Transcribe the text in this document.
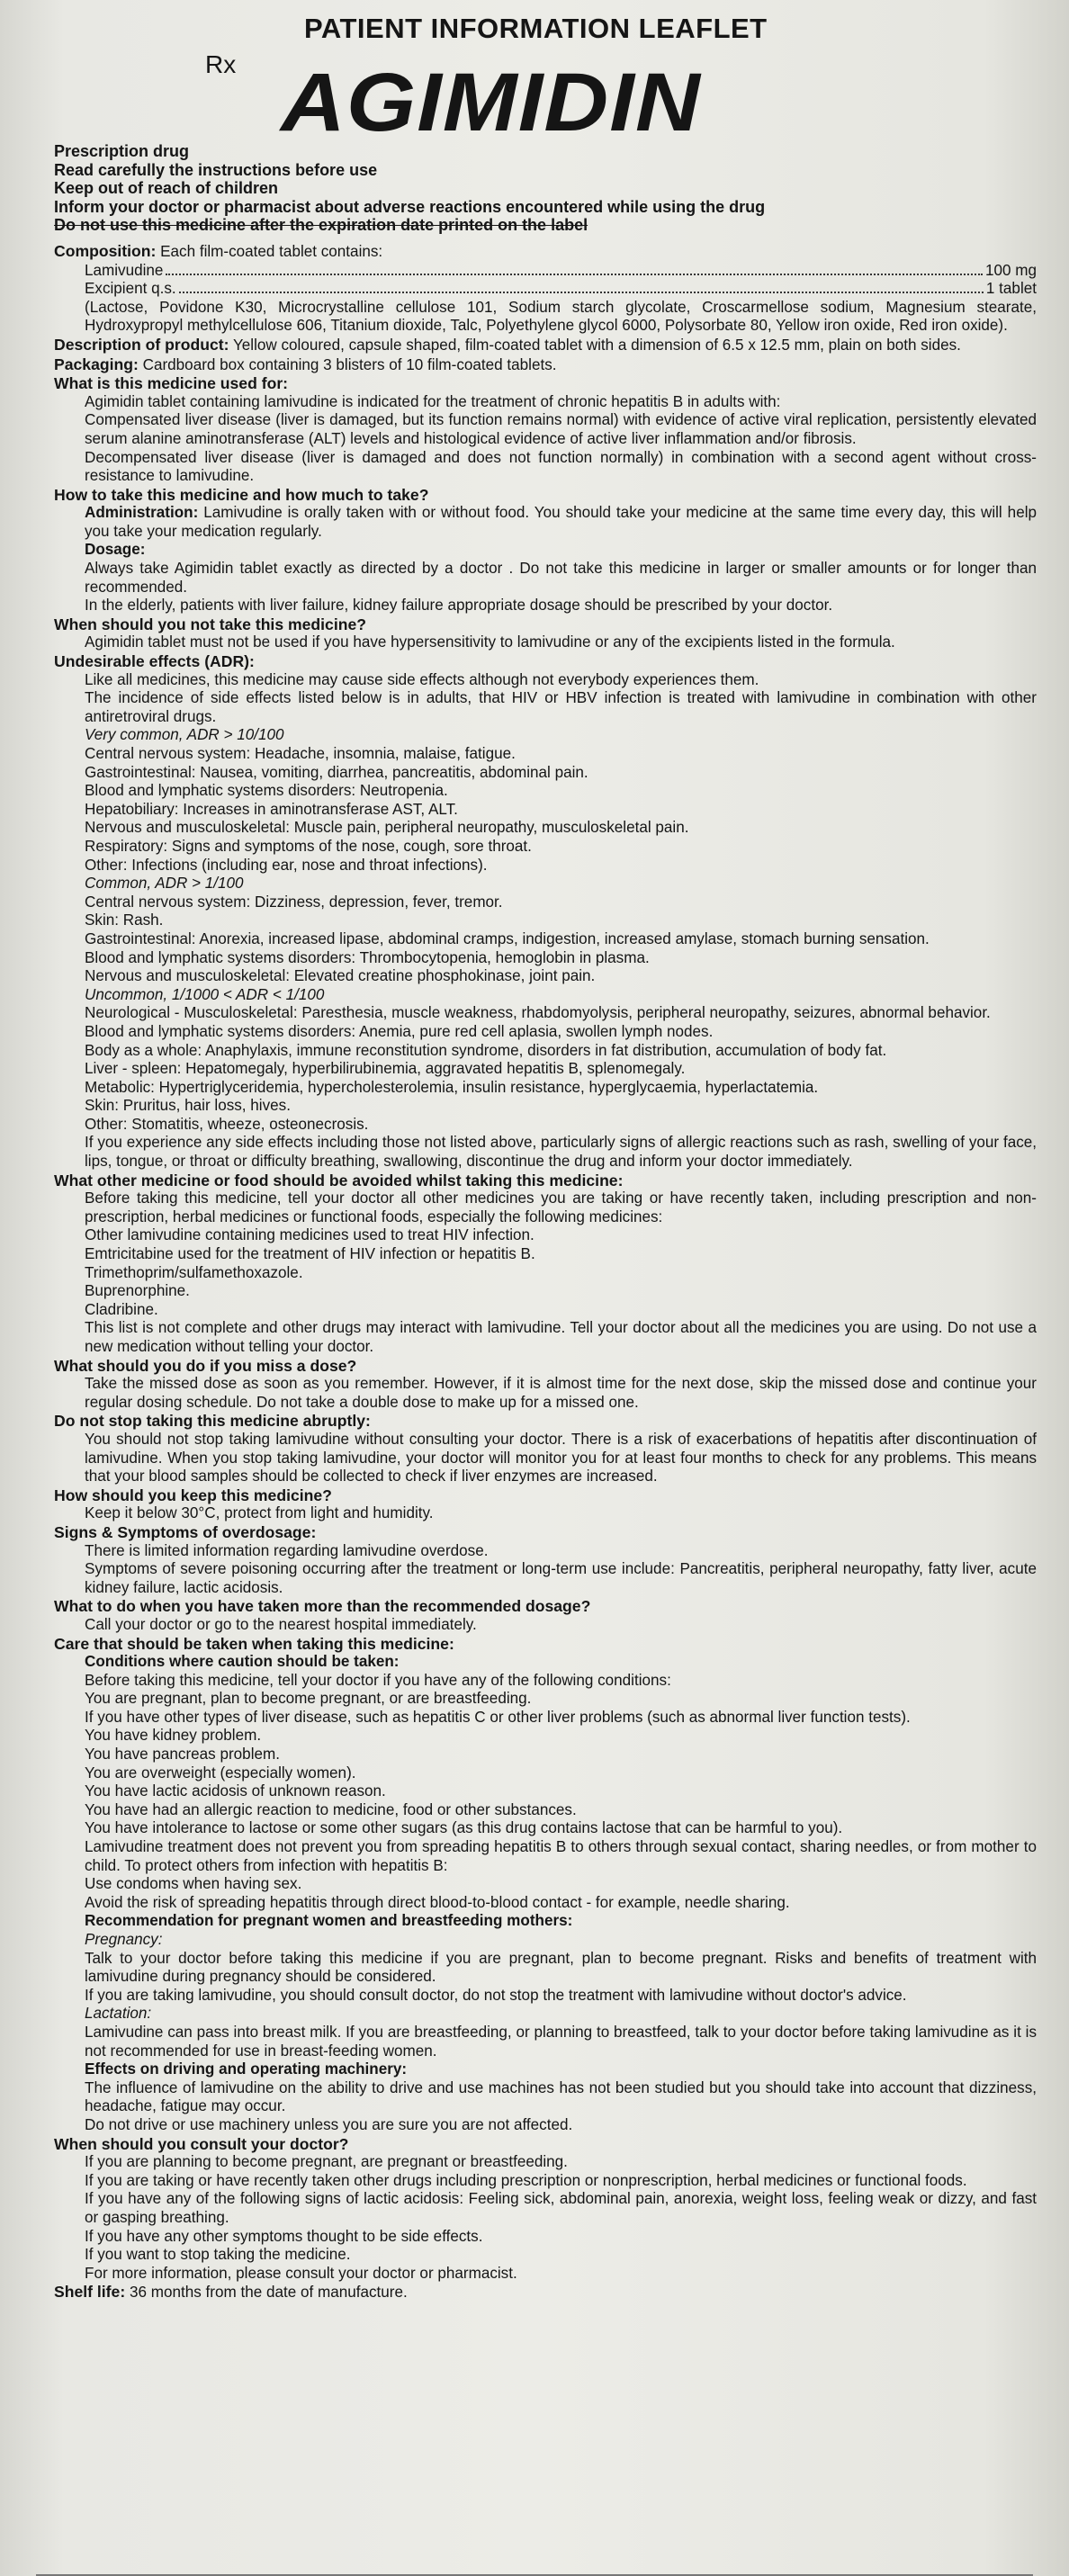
PATIENT INFORMATION LEAFLET
Rx AGIMIDIN
Prescription drug
Read carefully the instructions before use
Keep out of reach of children
Inform your doctor or pharmacist about adverse reactions encountered while using the drug
Do not use this medicine after the expiration date printed on the label
Composition: Each film-coated tablet contains:
Lamivudine	100 mg
Excipient q.s.	1 tablet
(Lactose, Povidone K30, Microcrystalline cellulose 101, Sodium starch glycolate, Croscarmellose sodium, Magnesium stearate, Hydroxypropyl methylcellulose 606, Titanium dioxide, Talc, Polyethylene glycol 6000, Polysorbate 80, Yellow iron oxide, Red iron oxide).
Description of product: Yellow coloured, capsule shaped, film-coated tablet with a dimension of 6.5 x 12.5 mm, plain on both sides.
Packaging: Cardboard box containing 3 blisters of 10 film-coated tablets.
What is this medicine used for:
Agimidin tablet containing lamivudine is indicated for the treatment of chronic hepatitis B in adults with:
Compensated liver disease (liver is damaged, but its function remains normal) with evidence of active viral replication, persistently elevated serum alanine aminotransferase (ALT) levels and histological evidence of active liver inflammation and/or fibrosis.
Decompensated liver disease (liver is damaged and does not function normally) in combination with a second agent without cross-resistance to lamivudine.
How to take this medicine and how much to take?
Administration: Lamivudine is orally taken with or without food. You should take your medicine at the same time every day, this will help you take your medication regularly.
Dosage:
Always take Agimidin tablet exactly as directed by a doctor . Do not take this medicine in larger or smaller amounts or for longer than recommended.
In the elderly, patients with liver failure, kidney failure appropriate dosage should be prescribed by your doctor.
When should you not take this medicine?
Agimidin tablet must not be used if you have hypersensitivity to lamivudine or any of the excipients listed in the formula.
Undesirable effects (ADR):
Like all medicines, this medicine may cause side effects although not everybody experiences them.
The incidence of side effects listed below is in adults, that HIV or HBV infection is treated with lamivudine in combination with other antiretroviral drugs.
Very common, ADR > 10/100
Central nervous system: Headache, insomnia, malaise, fatigue.
Gastrointestinal: Nausea, vomiting, diarrhea, pancreatitis, abdominal pain.
Blood and lymphatic systems disorders: Neutropenia.
Hepatobiliary: Increases in aminotransferase AST, ALT.
Nervous and musculoskeletal: Muscle pain, peripheral neuropathy, musculoskeletal pain.
Respiratory: Signs and symptoms of the nose, cough, sore throat.
Other: Infections (including ear, nose and throat infections).
Common, ADR > 1/100
Central nervous system: Dizziness, depression, fever, tremor.
Skin: Rash.
Gastrointestinal: Anorexia, increased lipase, abdominal cramps, indigestion, increased amylase, stomach burning sensation.
Blood and lymphatic systems disorders: Thrombocytopenia, hemoglobin in plasma.
Nervous and musculoskeletal: Elevated creatine phosphokinase, joint pain.
Uncommon, 1/1000 < ADR < 1/100
Neurological - Musculoskeletal: Paresthesia, muscle weakness, rhabdomyolysis, peripheral neuropathy, seizures, abnormal behavior.
Blood and lymphatic systems disorders: Anemia, pure red cell aplasia, swollen lymph nodes.
Body as a whole: Anaphylaxis, immune reconstitution syndrome, disorders in fat distribution, accumulation of body fat.
Liver - spleen: Hepatomegaly, hyperbilirubinemia, aggravated hepatitis B, splenomegaly.
Metabolic: Hypertriglyceridemia, hypercholesterolemia, insulin resistance, hyperglycaemia, hyperlactatemia.
Skin: Pruritus, hair loss, hives.
Other: Stomatitis, wheeze, osteonecrosis.
If you experience any side effects including those not listed above, particularly signs of allergic reactions such as rash, swelling of your face, lips, tongue, or throat or difficulty breathing, swallowing, discontinue the drug and inform your doctor immediately.
What other medicine or food should be avoided whilst taking this medicine:
Before taking this medicine, tell your doctor all other medicines you are taking or have recently taken, including prescription and non-prescription, herbal medicines or functional foods, especially the following medicines:
Other lamivudine containing medicines used to treat HIV infection.
Emtricitabine used for the treatment of HIV infection or hepatitis B.
Trimethoprim/sulfamethoxazole.
Buprenorphine.
Cladribine.
This list is not complete and other drugs may interact with lamivudine. Tell your doctor about all the medicines you are using. Do not use a new medication without telling your doctor.
What should you do if you miss a dose?
Take the missed dose as soon as you remember. However, if it is almost time for the next dose, skip the missed dose and continue your regular dosing schedule. Do not take a double dose to make up for a missed one.
Do not stop taking this medicine abruptly:
You should not stop taking lamivudine without consulting your doctor. There is a risk of exacerbations of hepatitis after discontinuation of lamivudine. When you stop taking lamivudine, your doctor will monitor you for at least four months to check for any problems. This means that your blood samples should be collected to check if liver enzymes are increased.
How should you keep this medicine?
Keep it below 30°C, protect from light and humidity.
Signs & Symptoms of overdosage:
There is limited information regarding lamivudine overdose.
Symptoms of severe poisoning occurring after the treatment or long-term use include: Pancreatitis, peripheral neuropathy, fatty liver, acute kidney failure, lactic acidosis.
What to do when you have taken more than the recommended dosage?
Call your doctor or go to the nearest hospital immediately.
Care that should be taken when taking this medicine:
Conditions where caution should be taken:
Before taking this medicine, tell your doctor if you have any of the following conditions:
You are pregnant, plan to become pregnant, or are breastfeeding.
If you have other types of liver disease, such as hepatitis C or other liver problems (such as abnormal liver function tests).
You have kidney problem.
You have pancreas problem.
You are overweight (especially women).
You have lactic acidosis of unknown reason.
You have had an allergic reaction to medicine, food or other substances.
You have intolerance to lactose or some other sugars (as this drug contains lactose that can be harmful to you).
Lamivudine treatment does not prevent you from spreading hepatitis B to others through sexual contact, sharing needles, or from mother to child. To protect others from infection with hepatitis B:
Use condoms when having sex.
Avoid the risk of spreading hepatitis through direct blood-to-blood contact - for example, needle sharing.
Recommendation for pregnant women and breastfeeding mothers:
Pregnancy:
Talk to your doctor before taking this medicine if you are pregnant, plan to become pregnant. Risks and benefits of treatment with lamivudine during pregnancy should be considered.
If you are taking lamivudine, you should consult doctor, do not stop the treatment with lamivudine without doctor's advice.
Lactation:
Lamivudine can pass into breast milk. If you are breastfeeding, or planning to breastfeed, talk to your doctor before taking lamivudine as it is not recommended for use in breast-feeding women.
Effects on driving and operating machinery:
The influence of lamivudine on the ability to drive and use machines has not been studied but you should take into account that dizziness, headache, fatigue may occur.
Do not drive or use machinery unless you are sure you are not affected.
When should you consult your doctor?
If you are planning to become pregnant, are pregnant or breastfeeding.
If you are taking or have recently taken other drugs including prescription or nonprescription, herbal medicines or functional foods.
If you have any of the following signs of lactic acidosis: Feeling sick, abdominal pain, anorexia, weight loss, feeling weak or dizzy, and fast or gasping breathing.
If you have any other symptoms thought to be side effects.
If you want to stop taking the medicine.
For more information, please consult your doctor or pharmacist.
Shelf life: 36 months from the date of manufacture.
